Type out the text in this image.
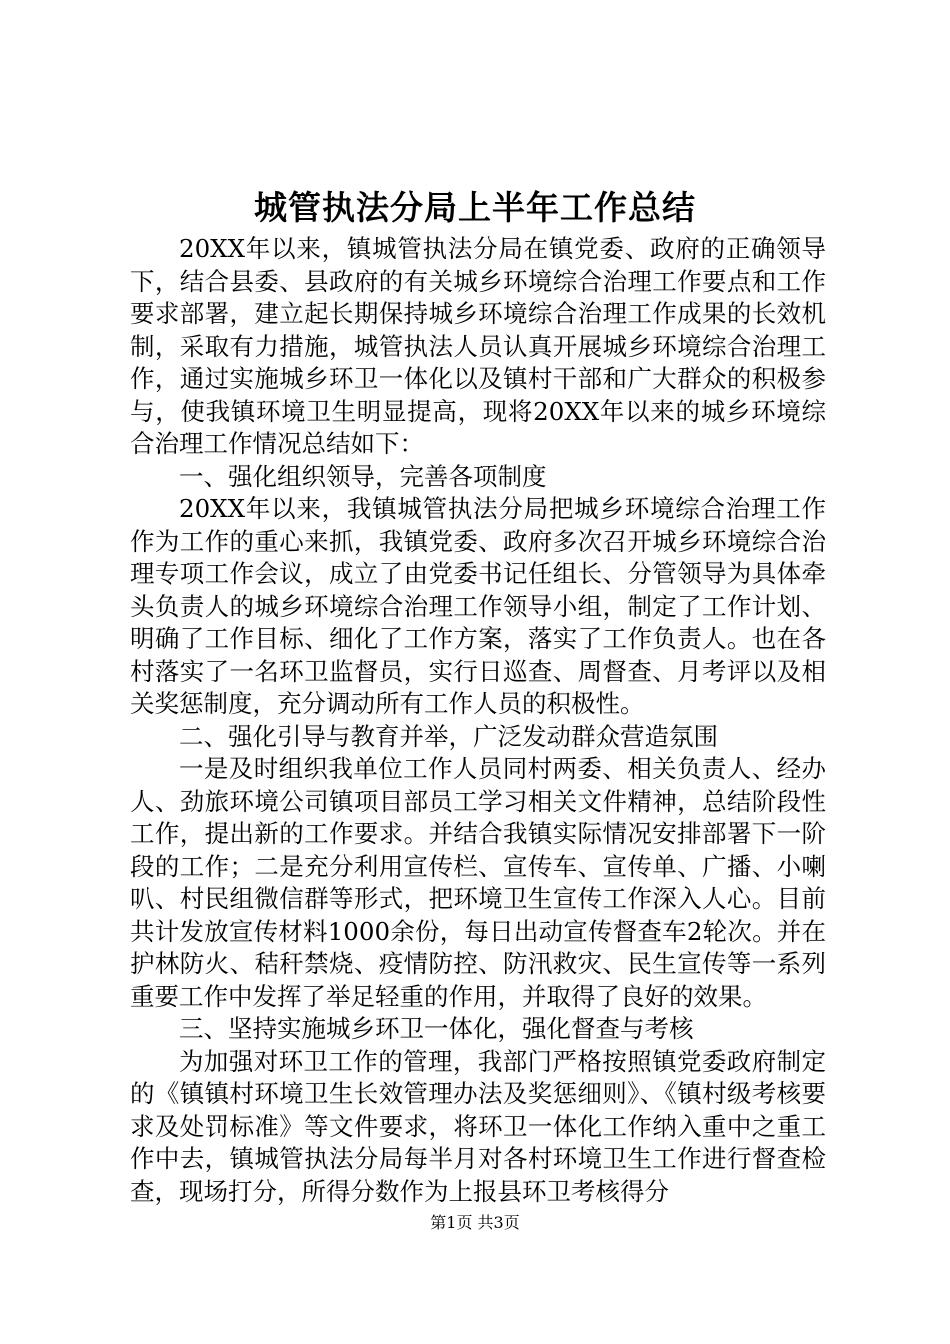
城管执法分局上半年工作总结

20XX年以来，镇城管执法分局在镇党委、政府的正确领导下，结合县委、县政府的有关城乡环境综合治理工作要点和工作要求部署，建立起长期保持城乡环境综合治理工作成果的长效机制，采取有力措施，城管执法人员认真开展城乡环境综合治理工作，通过实施城乡环卫一体化以及镇村干部和广大群众的积极参与，使我镇环境卫生明显提高，现将20XX年以来的城乡环境综合治理工作情况总结如下：

一、强化组织领导，完善各项制度

20XX年以来，我镇城管执法分局把城乡环境综合治理工作作为工作的重心来抓，我镇党委、政府多次召开城乡环境综合治理专项工作会议，成立了由党委书记任组长、分管领导为具体牵头负责人的城乡环境综合治理工作领导小组，制定了工作计划、明确了工作目标、细化了工作方案，落实了工作负责人。也在各村落实了一名环卫监督员，实行日巡查、周督查、月考评以及相关奖惩制度，充分调动所有工作人员的积极性。

二、强化引导与教育并举，广泛发动群众营造氛围

一是及时组织我单位工作人员同村两委、相关负责人、经办人、劲旅环境公司镇项目部员工学习相关文件精神，总结阶段性工作，提出新的工作要求。并结合我镇实际情况安排部署下一阶段的工作；二是充分利用宣传栏、宣传车、宣传单、广播、小喇叭、村民组微信群等形式，把环境卫生宣传工作深入人心。目前共计发放宣传材料1000余份，每日出动宣传督查车2轮次。并在护林防火、秸秆禁烧、疫情防控、防汛救灾、民生宣传等一系列重要工作中发挥了举足轻重的作用，并取得了良好的效果。

三、坚持实施城乡环卫一体化，强化督查与考核

为加强对环卫工作的管理，我部门严格按照镇党委政府制定的《镇镇村环境卫生长效管理办法及奖惩细则》、《镇村级考核要求及处罚标准》等文件要求，将环卫一体化工作纳入重中之重工作中去，镇城管执法分局每半月对各村环境卫生工作进行督查检查，现场打分，所得分数作为上报县环卫考核得分

第1页 共3页
